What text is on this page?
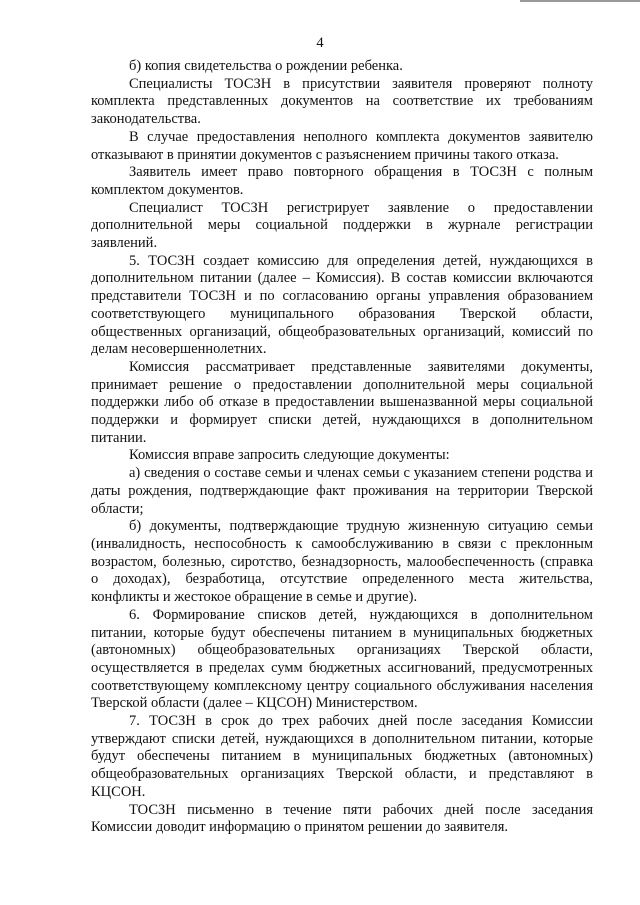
4

б) копия свидетельства о рождении ребенка.

Специалисты ТОСЗН в присутствии заявителя проверяют полноту комплекта представленных документов на соответствие их требованиям законодательства.

В случае предоставления неполного комплекта документов заявителю отказывают в принятии документов с разъяснением причины такого отказа.

Заявитель имеет право повторного обращения в ТОСЗН с полным комплектом документов.

Специалист ТОСЗН регистрирует заявление о предоставлении дополнительной меры социальной поддержки в журнале регистрации заявлений.

5. ТОСЗН создает комиссию для определения детей, нуждающихся в дополнительном питании (далее – Комиссия). В состав комиссии включаются представители ТОСЗН и по согласованию органы управления образованием соответствующего муниципального образования Тверской области, общественных организаций, общеобразовательных организаций, комиссий по делам несовершеннолетних.

Комиссия рассматривает представленные заявителями документы, принимает решение о предоставлении дополнительной меры социальной поддержки либо об отказе в предоставлении вышеназванной меры социальной поддержки и формирует списки детей, нуждающихся в дополнительном питании.

Комиссия вправе запросить следующие документы:

а) сведения о составе семьи и членах семьи с указанием степени родства и даты рождения, подтверждающие факт проживания на территории Тверской области;

б) документы, подтверждающие трудную жизненную ситуацию семьи (инвалидность, неспособность к самообслуживанию в связи с преклонным возрастом, болезнью, сиротство, безнадзорность, малообеспеченность (справка о доходах), безработица, отсутствие определенного места жительства, конфликты и жестокое обращение в семье и другие).

6. Формирование списков детей, нуждающихся в дополнительном питании, которые будут обеспечены питанием в муниципальных бюджетных (автономных) общеобразовательных организациях Тверской области, осуществляется в пределах сумм бюджетных ассигнований, предусмотренных соответствующему комплексному центру социального обслуживания населения Тверской области (далее – КЦСОН) Министерством.

7. ТОСЗН в срок до трех рабочих дней после заседания Комиссии утверждают списки детей, нуждающихся в дополнительном питании, которые будут обеспечены питанием в муниципальных бюджетных (автономных) общеобразовательных организациях Тверской области, и представляют в КЦСОН.

ТОСЗН письменно в течение пяти рабочих дней после заседания Комиссии доводит информацию о принятом решении до заявителя.
